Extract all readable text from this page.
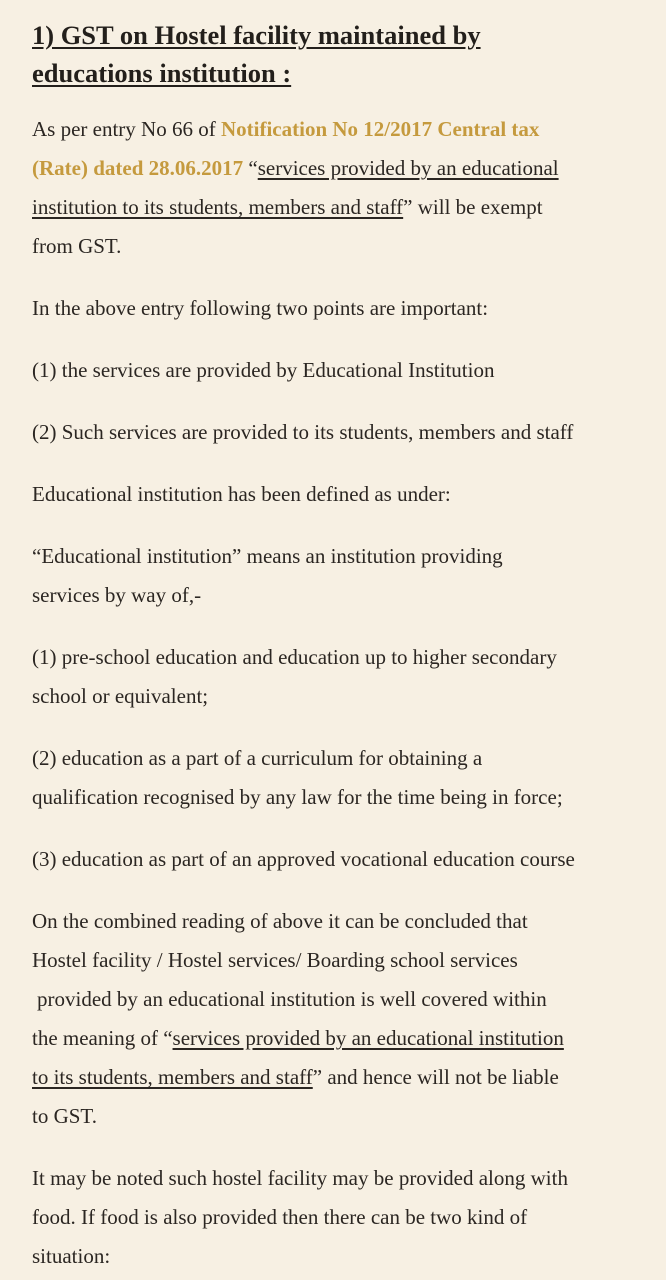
1) GST on Hostel facility maintained by
educations institution :
As per entry No 66 of Notification No 12/2017 Central tax
(Rate) dated 28.06.2017 “services provided by an educational
institution to its students, members and staff” will be exempt
from GST.
In the above entry following two points are important:
(1) the services are provided by Educational Institution
(2) Such services are provided to its students, members and staff
Educational institution has been defined as under:
“Educational institution” means an institution providing
services by way of,-
(1) pre-school education and education up to higher secondary
school or equivalent;
(2) education as a part of a curriculum for obtaining a
qualification recognised by any law for the time being in force;
(3) education as part of an approved vocational education course
On the combined reading of above it can be concluded that
Hostel facility / Hostel services/ Boarding school services
provided by an educational institution is well covered within
the meaning of “services provided by an educational institution
to its students, members and staff” and hence will not be liable
to GST.
It may be noted such hostel facility may be provided along with
food. If food is also provided then there can be two kind of
situation:
